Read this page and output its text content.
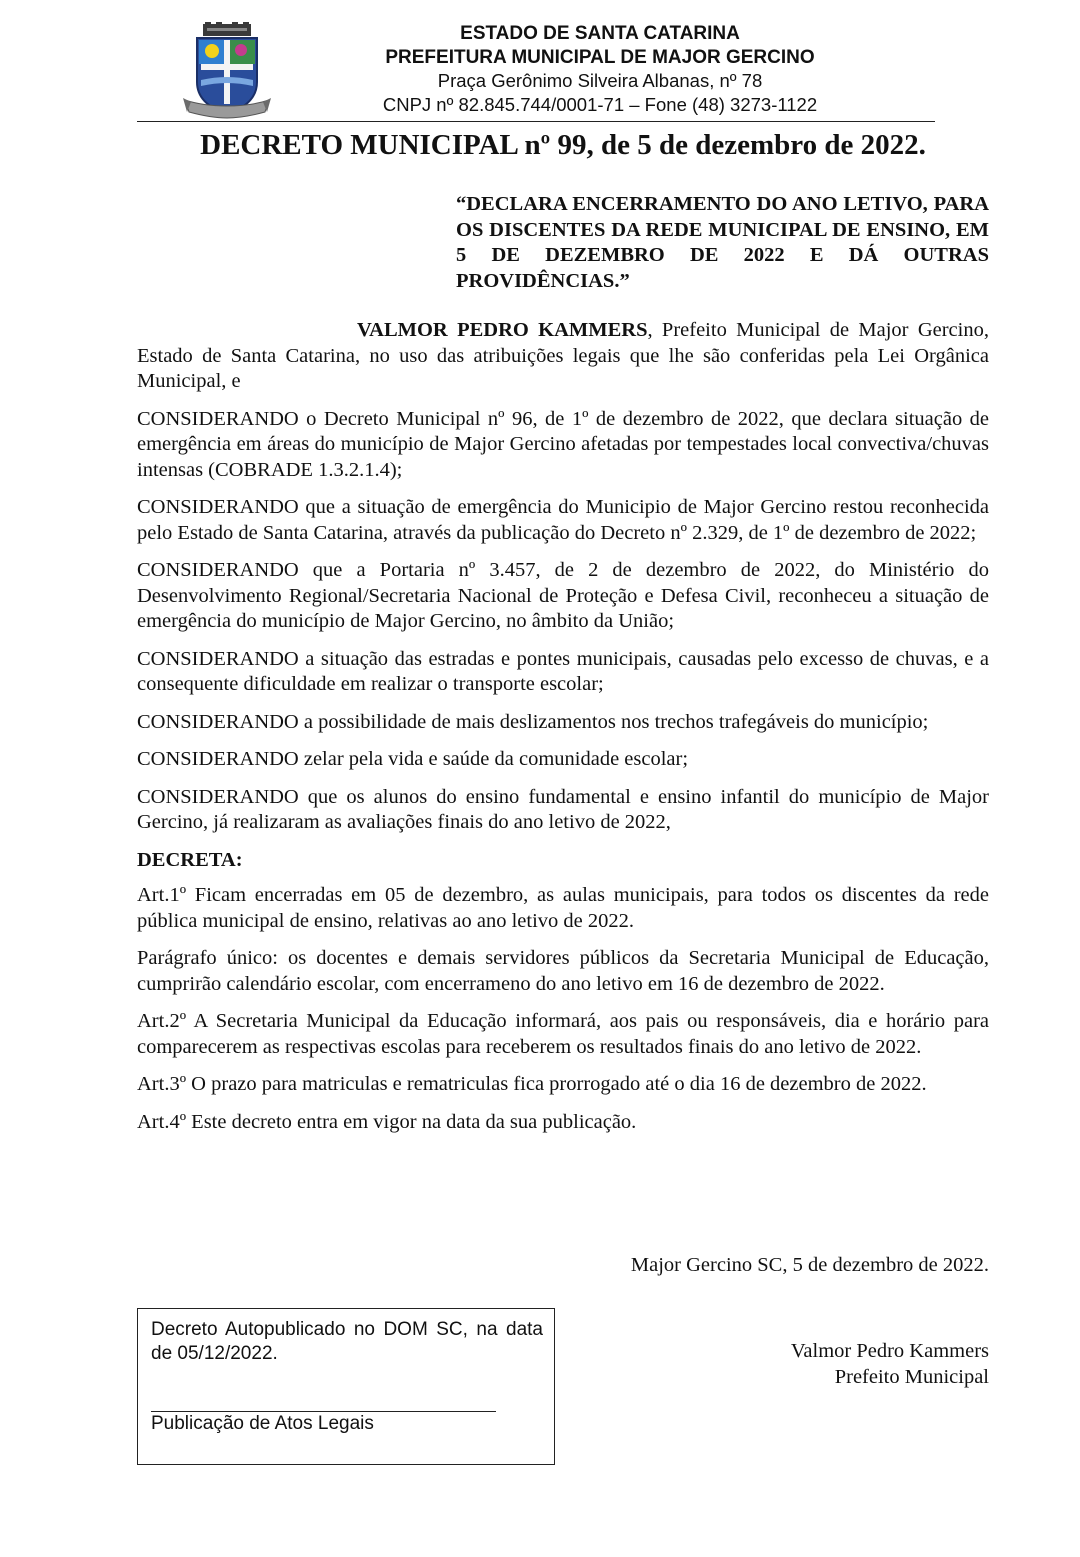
ESTADO DE SANTA CATARINA
PREFEITURA MUNICIPAL DE MAJOR GERCINO
Praça Gerônimo Silveira Albanas, nº 78
CNPJ nº 82.845.744/0001-71 – Fone (48) 3273-1122
DECRETO MUNICIPAL nº 99, de 5 de dezembro de 2022.
“DECLARA ENCERRAMENTO DO ANO LETIVO, PARA OS DISCENTES DA REDE MUNICIPAL DE ENSINO, EM 5 DE DEZEMBRO DE 2022 E DÁ OUTRAS PROVIDÊNCIAS.”

VALMOR PEDRO KAMMERS, Prefeito Municipal de Major Gercino, Estado de Santa Catarina, no uso das atribuições legais que lhe são conferidas pela Lei Orgânica Municipal, e

CONSIDERANDO o Decreto Municipal nº 96, de 1º de dezembro de 2022, que declara situação de emergência em áreas do município de Major Gercino afetadas por tempestades local convectiva/chuvas intensas (COBRADE 1.3.2.1.4);

CONSIDERANDO que a situação de emergência do Municipio de Major Gercino restou reconhecida pelo Estado de Santa Catarina, através da publicação do Decreto nº 2.329, de 1º de dezembro de 2022;

CONSIDERANDO que a Portaria nº 3.457, de 2 de dezembro de 2022, do Ministério do Desenvolvimento Regional/Secretaria Nacional de Proteção e Defesa Civil, reconheceu a situação de emergência do município de Major Gercino, no âmbito da União;

CONSIDERANDO a situação das estradas e pontes municipais, causadas pelo excesso de chuvas, e a consequente dificuldade em realizar o transporte escolar;

CONSIDERANDO a possibilidade de mais deslizamentos nos trechos trafegáveis do município;

CONSIDERANDO zelar pela vida e saúde da comunidade escolar;

CONSIDERANDO que os alunos do ensino fundamental e ensino infantil do município de Major Gercino, já realizaram as avaliações finais do ano letivo de 2022,

DECRETA:

Art.1º Ficam encerradas em 05 de dezembro, as aulas municipais, para todos os discentes da rede pública municipal de ensino, relativas ao ano letivo de 2022.

Parágrafo único: os docentes e demais servidores públicos da Secretaria Municipal de Educação, cumprirão calendário escolar, com encerrameno do ano letivo em 16 de dezembro de 2022.

Art.2º A Secretaria Municipal da Educação informará, aos pais ou responsáveis, dia e horário para comparecerem as respectivas escolas para receberem os resultados finais do ano letivo de 2022.

Art.3º O prazo para matriculas e rematriculas fica prorrogado até o dia 16 de dezembro de 2022.

Art.4º Este decreto entra em vigor na data da sua publicação.

Major Gercino SC, 5 de dezembro de 2022.
Decreto Autopublicado no DOM SC, na data de 05/12/2022.
Publicação de Atos Legais
Valmor Pedro Kammers
Prefeito Municipal
